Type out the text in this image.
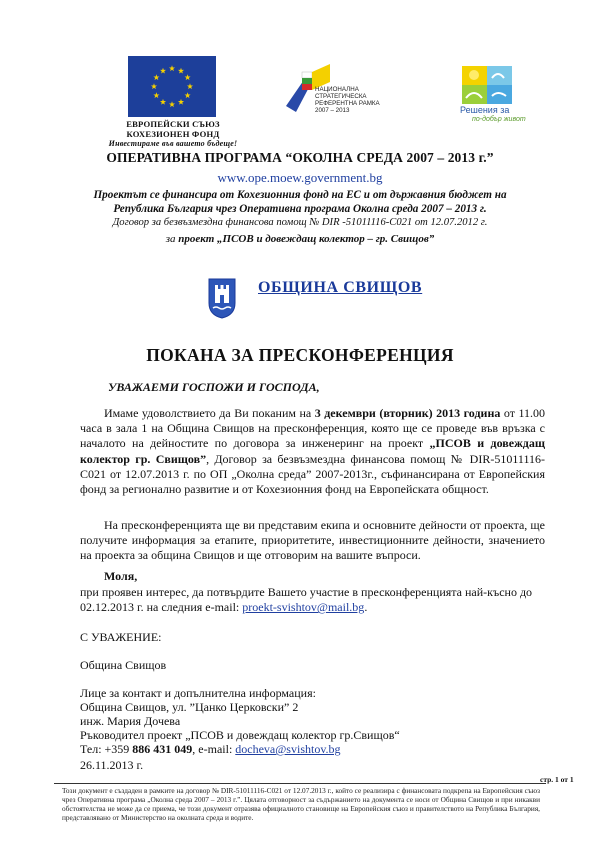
ЕВРОПЕЙСКИ СЪЮЗ
КОХЕЗИОНЕН ФОНД
Инвестираме във вашето бъдеще!
НАЦИОНАЛНА
СТРАТЕГИЧЕСКА
РЕФЕРЕНТНА РАМКА
2007 – 2013	Решения за
по-добър живот
ОПЕРАТИВНА ПРОГРАМА “ОКОЛНА СРЕДА 2007 – 2013 г.”
www.ope.moew.government.bg
Проектът се финансира от Кохезионния фонд на ЕС и от държавния бюджет на
Република България чрез Оперативна програма Околна среда 2007 – 2013 г.
Договор за безвъзмездна финансова помощ № DIR -51011116-C021 от 12.07.2012 г.
за проект „ПСОВ и довеждащ колектор – гр. Свищов”
ОБЩИНА СВИЩОВ
ПОКАНА ЗА ПРЕСКОНФЕРЕНЦИЯ
УВАЖАЕМИ ГОСПОЖИ И ГОСПОДА,
Имаме удоволствието да Ви поканим на 3 декември (вторник) 2013 година от 11.00 часа в зала 1 на Община Свищов на пресконференция, която ще се проведе във връзка с началото на дейностите по договора за инженеринг на проект „ПСОВ и довеждащ колектор гр. Свищов”, Договор за безвъзмездна финансова помощ № DIR-51011116-C021 от 12.07.2013 г. по ОП „Околна среда” 2007-2013г., съфинансирана от Европейския фонд за регионално развитие и от Кохезионния фонд на Европейската общност.
На пресконференцията ще ви представим екипа и основните дейности от проекта, ще получите информация за етапите, приоритетите, инвестиционните дейности, значението на проекта за община Свищов и ще отговорим на вашите въпроси.
Моля,
при проявен интерес, да потвърдите Вашето участие в пресконференцията най-късно до 02.12.2013 г. на следния e-mail: proekt-svishtov@mail.bg.
С УВАЖЕНИЕ:
Община Свищов
Лице за контакт и допълнителна информация:
Община Свищов, ул. ”Цанко Церковски” 2
инж. Мария Дочева
Ръководител проект „ПСОВ и довеждащ колектор гр.Свищов“
Тел: +359 886 431 049, e-mail: docheva@svishtov.bg
26.11.2013 г.
стр. 1 от 1
Този документ е създаден в рамките на договор № DIR-51011116-C021 от 12.07.2013 г., който се реализира с финансовата подкрепа на Европейския съюз чрез Оперативна програма „Околна среда 2007 – 2013 г.”. Цялата отговорност за съдържанието на документа се носи от Община Свищов и при никакви обстоятелства не може да се приема, че този документ отразява официалното становище на Европейския съюз и правителството на Република България, представлявано от Министерство на околната среда и водите.
